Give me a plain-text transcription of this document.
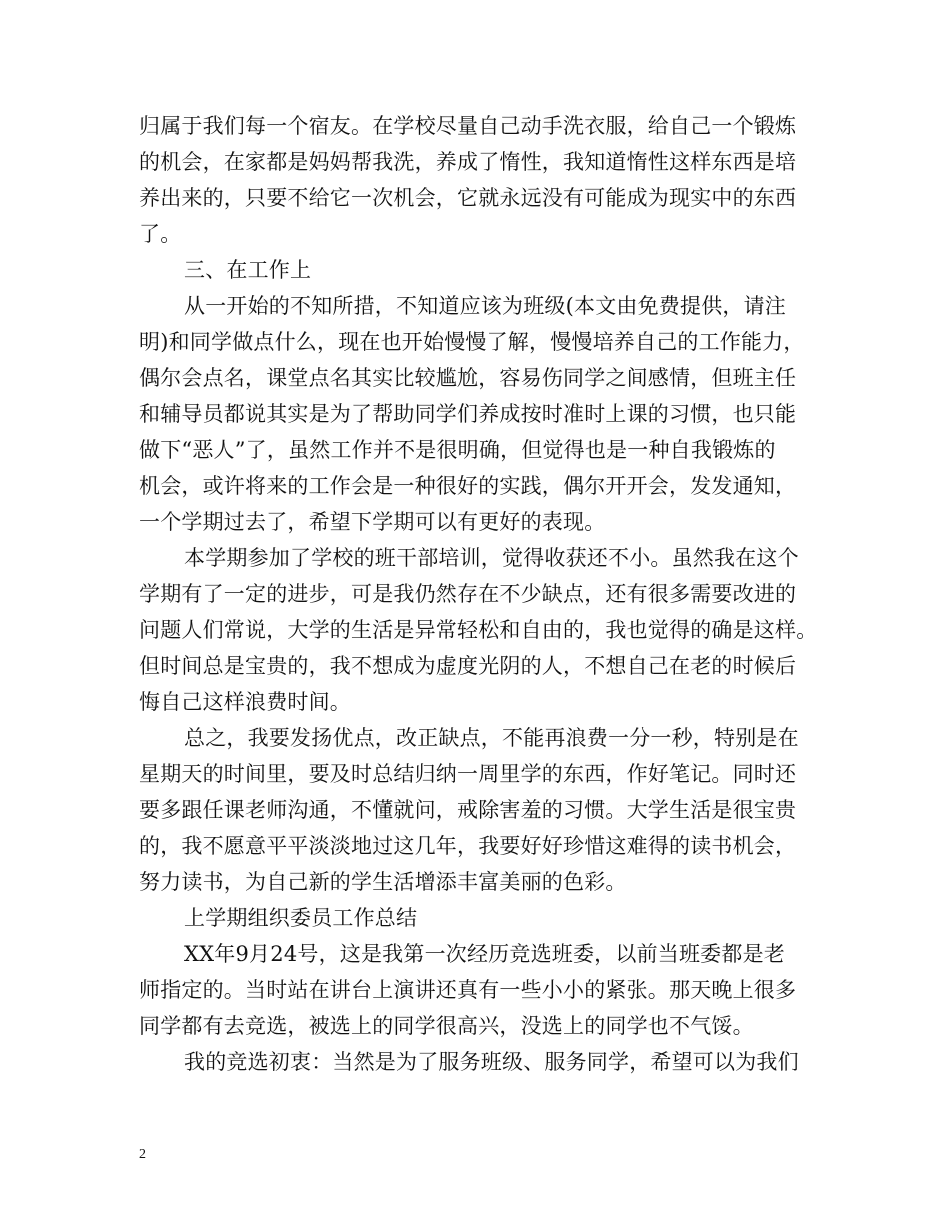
归属于我们每一个宿友。在学校尽量自己动手洗衣服，给自己一个锻炼
的机会，在家都是妈妈帮我洗，养成了惰性，我知道惰性这样东西是培
养出来的，只要不给它一次机会，它就永远没有可能成为现实中的东西
了。
三、在工作上
从一开始的不知所措，不知道应该为班级(本文由免费提供，请注
明)和同学做点什么，现在也开始慢慢了解，慢慢培养自己的工作能力，
偶尔会点名，课堂点名其实比较尴尬，容易伤同学之间感情，但班主任
和辅导员都说其实是为了帮助同学们养成按时准时上课的习惯，也只能
做下“恶人”了，虽然工作并不是很明确，但觉得也是一种自我锻炼的
机会，或许将来的工作会是一种很好的实践，偶尔开开会，发发通知，
一个学期过去了，希望下学期可以有更好的表现。
本学期参加了学校的班干部培训，觉得收获还不小。虽然我在这个
学期有了一定的进步，可是我仍然存在不少缺点，还有很多需要改进的
问题人们常说，大学的生活是异常轻松和自由的，我也觉得的确是这样。
但时间总是宝贵的，我不想成为虚度光阴的人，不想自己在老的时候后
悔自己这样浪费时间。
总之，我要发扬优点，改正缺点，不能再浪费一分一秒，特别是在
星期天的时间里，要及时总结归纳一周里学的东西，作好笔记。同时还
要多跟任课老师沟通，不懂就问，戒除害羞的习惯。大学生活是很宝贵
的，我不愿意平平淡淡地过这几年，我要好好珍惜这难得的读书机会，
努力读书，为自己新的学生活增添丰富美丽的色彩。
上学期组织委员工作总结
XX年9月24号，这是我第一次经历竞选班委，以前当班委都是老
师指定的。当时站在讲台上演讲还真有一些小小的紧张。那天晚上很多
同学都有去竞选，被选上的同学很高兴，没选上的同学也不气馁。
我的竞选初衷：当然是为了服务班级、服务同学，希望可以为我们
2
